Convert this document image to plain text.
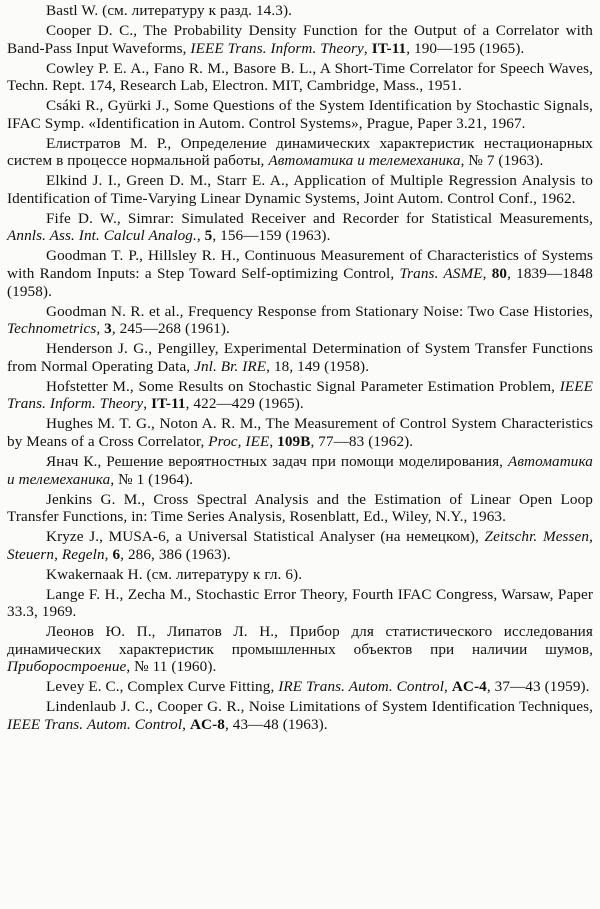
Bastl W. (см. литературу к разд. 14.3).

Cooper D. C., The Probability Density Function for the Output of a Correlator with Band-Pass Input Waveforms, IEEE Trans. Inform. Theory, IT-11, 190—195 (1965).

Cowley P. E. A., Fano R. M., Basore B. L., A Short-Time Correlator for Speech Waves, Techn. Rept. 174, Research Lab, Electron. MIT, Cambridge, Mass., 1951.

Csáki R., Gyürki J., Some Questions of the System Identification by Stochastic Signals, IFAC Symp. «Identification in Autom. Control Systems», Prague, Paper 3.21, 1967.

Елистратов М. Р., Определение динамических характеристик нестационарных систем в процессе нормальной работы, Автоматика и телемеханика, № 7 (1963).

Elkind J. I., Green D. M., Starr E. A., Application of Multiple Regression Analysis to Identification of Time-Varying Linear Dynamic Systems, Joint Autom. Control Conf., 1962.

Fife D. W., Simrar: Simulated Receiver and Recorder for Statistical Measurements, Annls. Ass. Int. Calcul Analog., 5, 156—159 (1963).

Goodman T. P., Hillsley R. H., Continuous Measurement of Characteristics of Systems with Random Inputs: a Step Toward Self-optimizing Control, Trans. ASME, 80, 1839—1848 (1958).

Goodman N. R. et al., Frequency Response from Stationary Noise: Two Case Histories, Technometrics, 3, 245—268 (1961).

Henderson J. G., Pengilley, Experimental Determination of System Transfer Functions from Normal Operating Data, Jnl. Br. IRE, 18, 149 (1958).

Hofstetter M., Some Results on Stochastic Signal Parameter Estimation Problem, IEEE Trans. Inform. Theory, IT-11, 422—429 (1965).

Hughes M. T. G., Noton A. R. M., The Measurement of Control System Characteristics by Means of a Cross Correlator, Proc, IEE, 109B, 77—83 (1962).

Янач К., Решение вероятностных задач при помощи моделирования, Автоматика и телемеханика, № 1 (1964).

Jenkins G. M., Cross Spectral Analysis and the Estimation of Linear Open Loop Transfer Functions, in: Time Series Analysis, Rosenblatt, Ed., Wiley, N.Y., 1963.

Kryze J., MUSA-6, a Universal Statistical Analyser (на немецком), Zeitschr. Messen, Steuern, Regeln, 6, 286, 386 (1963).

Kwakernaak H. (см. литературу к гл. 6).

Lange F. H., Zecha M., Stochastic Error Theory, Fourth IFAC Congress, Warsaw, Paper 33.3, 1969.

Леонов Ю. П., Липатов Л. Н., Прибор для статистического исследования динамических характеристик промышленных объектов при наличии шумов, Приборостроение, № 11 (1960).

Levey E. C., Complex Curve Fitting, IRE Trans. Autom. Control, AC-4, 37—43 (1959).

Lindenlaub J. C., Cooper G. R., Noise Limitations of System Identification Techniques, IEEE Trans. Autom. Control, AC-8, 43—48 (1963).
